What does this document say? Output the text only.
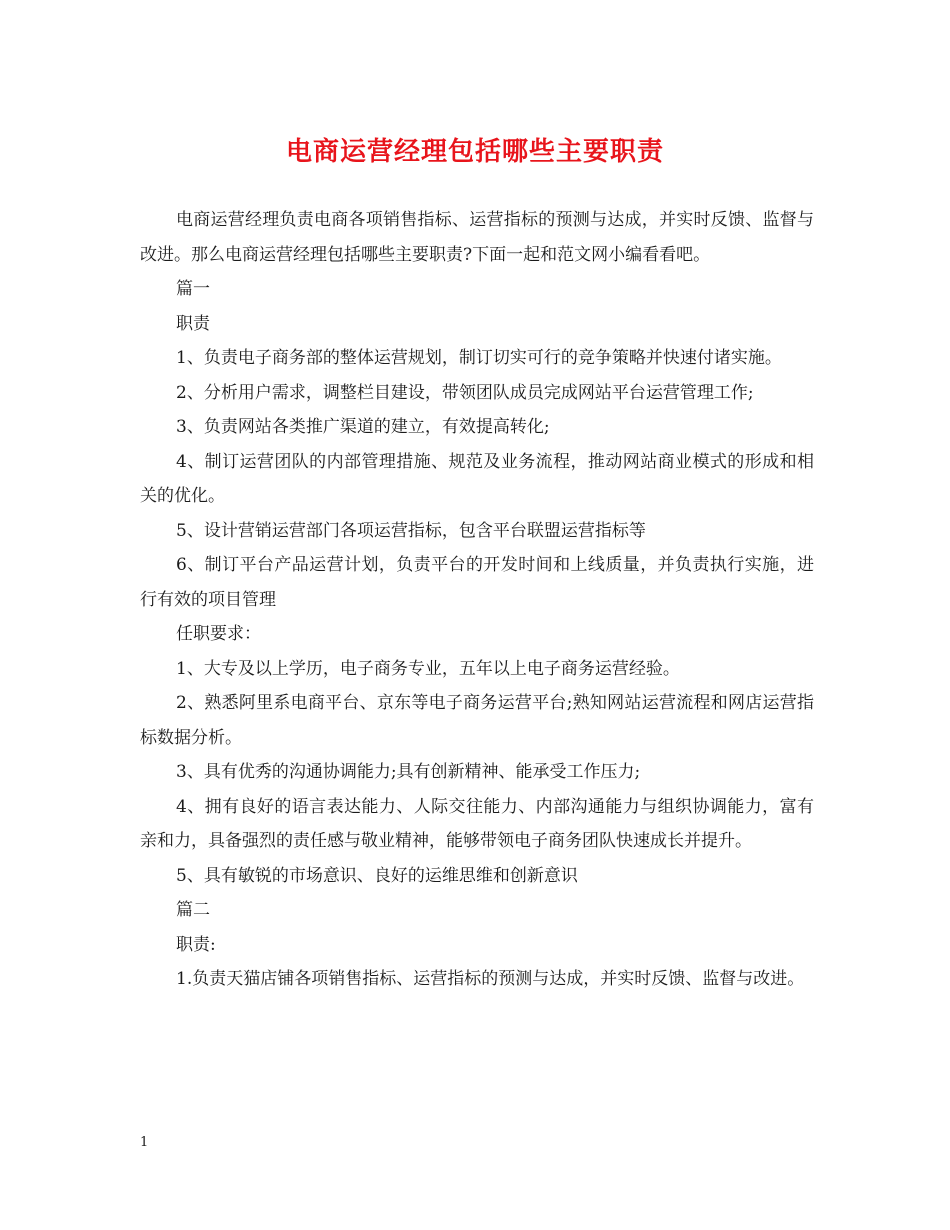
电商运营经理包括哪些主要职责

电商运营经理负责电商各项销售指标、运营指标的预测与达成，并实时反馈、监督与改进。那么电商运营经理包括哪些主要职责?下面一起和范文网小编看看吧。

篇一

职责

1、负责电子商务部的整体运营规划，制订切实可行的竞争策略并快速付诸实施。

2、分析用户需求，调整栏目建设，带领团队成员完成网站平台运营管理工作;

3、负责网站各类推广渠道的建立，有效提高转化;

4、制订运营团队的内部管理措施、规范及业务流程，推动网站商业模式的形成和相关的优化。

5、设计营销运营部门各项运营指标，包含平台联盟运营指标等

6、制订平台产品运营计划，负责平台的开发时间和上线质量，并负责执行实施，进行有效的项目管理

任职要求：

1、大专及以上学历，电子商务专业，五年以上电子商务运营经验。

2、熟悉阿里系电商平台、京东等电子商务运营平台;熟知网站运营流程和网店运营指标数据分析。

3、具有优秀的沟通协调能力;具有创新精神、能承受工作压力;

4、拥有良好的语言表达能力、人际交往能力、内部沟通能力与组织协调能力，富有亲和力，具备强烈的责任感与敬业精神，能够带领电子商务团队快速成长并提升。

5、具有敏锐的市场意识、良好的运维思维和创新意识

篇二

职责:

1.负责天猫店铺各项销售指标、运营指标的预测与达成，并实时反馈、监督与改进。

1
